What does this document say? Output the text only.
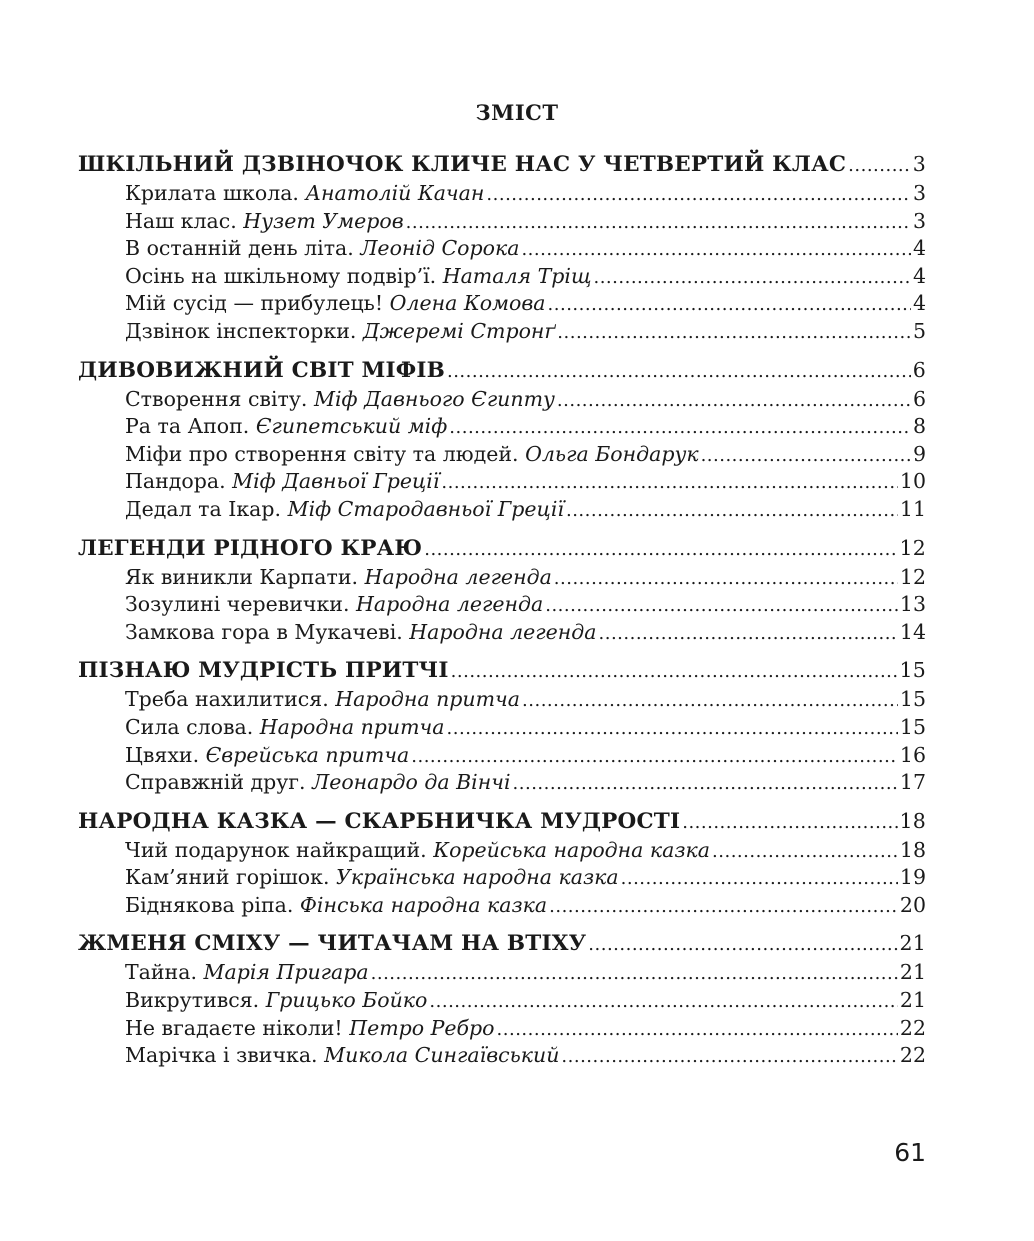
ЗМІСТ
ШКІЛЬНИЙ ДЗВІНОЧОК КЛИЧЕ НАС У ЧЕТВЕРТИЙ КЛАС .....	3
Крилата школа. Анатолій Качан .....	3
Наш клас. Нузет Умеров .....	3
В останній день літа. Леонід Сорока .....	4
Осінь на шкільному подвір’ї. Наталя Тріщ .....	4
Мій сусід — прибулець! Олена Комова .....	4
Дзвінок інспекторки. Джеремі Стронґ .....	5
ДИВОВИЖНИЙ СВІТ МІФІВ .....	6
Створення світу. Міф Давнього Єгипту .....	6
Ра та Апоп. Єгипетський міф .....	8
Міфи про створення світу та людей. Ольга Бондарук .....	9
Пандора. Міф Давньої Греції .....	10
Дедал та Ікар. Міф Стародавньої Греції .....	11
ЛЕГЕНДИ РІДНОГО КРАЮ .....	12
Як виникли Карпати. Народна легенда .....	12
Зозулині черевички. Народна легенда .....	13
Замкова гора в Мукачеві. Народна легенда .....	14
ПІЗНАЮ МУДРІСТЬ ПРИТЧІ .....	15
Треба нахилитися. Народна притча .....	15
Сила слова. Народна притча .....	15
Цвяхи. Єврейська притча .....	16
Справжній друг. Леонардо да Вінчі .....	17
НАРОДНА КАЗКА — СКАРБНИЧКА МУДРОСТІ .....	18
Чий подарунок найкращий. Корейська народна казка .....	18
Кам’яний горішок. Українська народна казка .....	19
Біднякова ріпа. Фінська народна казка .....	20
ЖМЕНЯ СМІХУ — ЧИТАЧАМ НА ВТІХУ .....	21
Тайна. Марія Пригара .....	21
Викрутився. Грицько Бойко .....	21
Не вгадаєте ніколи! Петро Ребро .....	22
Марічка і звичка. Микола Сингаївський .....	22
61
